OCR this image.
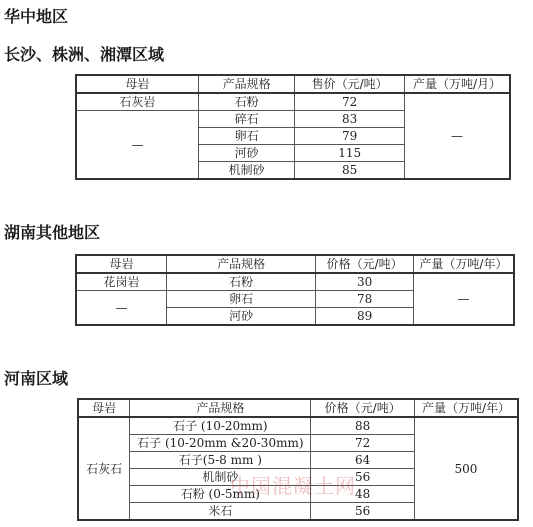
华中地区
长沙、株洲、湘潭区域
母岩	产品规格	售价（元/吨）	产量（万吨/月）
石灰岩	石粉	72	—
—	碎石	83	
	卵石	79	
	河砂	115	
	机制砂	85	
湖南其他地区
母岩	产品规格	价格（元/吨）	产量（万吨/年）
花岗岩	石粉	30	—
—	卵石	78	
	河砂	89	
河南区域
母岩	产品规格	价格（元/吨）	产量（万吨/年）
石灰石	石子 (10-20mm)	88	500
	石子 (10-20mm &20-30mm)	72	
	石子(5-8 mm )	64	
	机制砂	56	
	石粉 (0-5mm)	48	
	米石	56	
中国混凝土网
